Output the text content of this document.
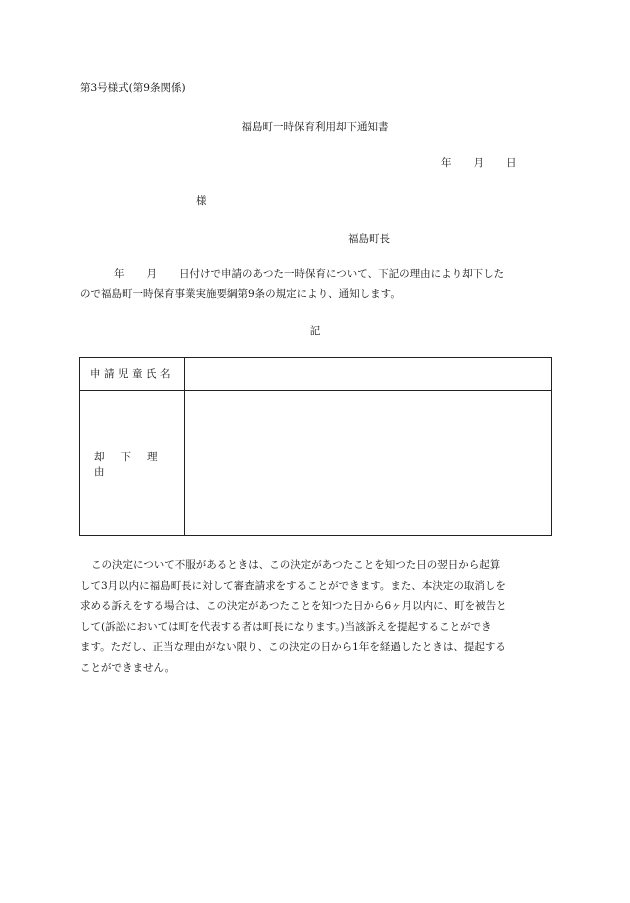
第3号様式(第9条関係)
福島町一時保育利用却下通知書
年 月 日
様
福島町長
年 月 日付けで申請のあつた一時保育について、下記の理由により却下した
ので福島町一時保育事業実施要綱第9条の規定により、通知します。
記
申請児童氏名
却下理由
この決定について不服があるときは、この決定があつたことを知つた日の翌日から起算
して3月以内に福島町長に対して審査請求をすることができます。また、本決定の取消しを
求める訴えをする場合は、この決定があつたことを知つた日から6ヶ月以内に、町を被告と
して(訴訟においては町を代表する者は町長になります。)当該訴えを提起することができ
ます。ただし、正当な理由がない限り、この決定の日から1年を経過したときは、提起する
ことができません。
